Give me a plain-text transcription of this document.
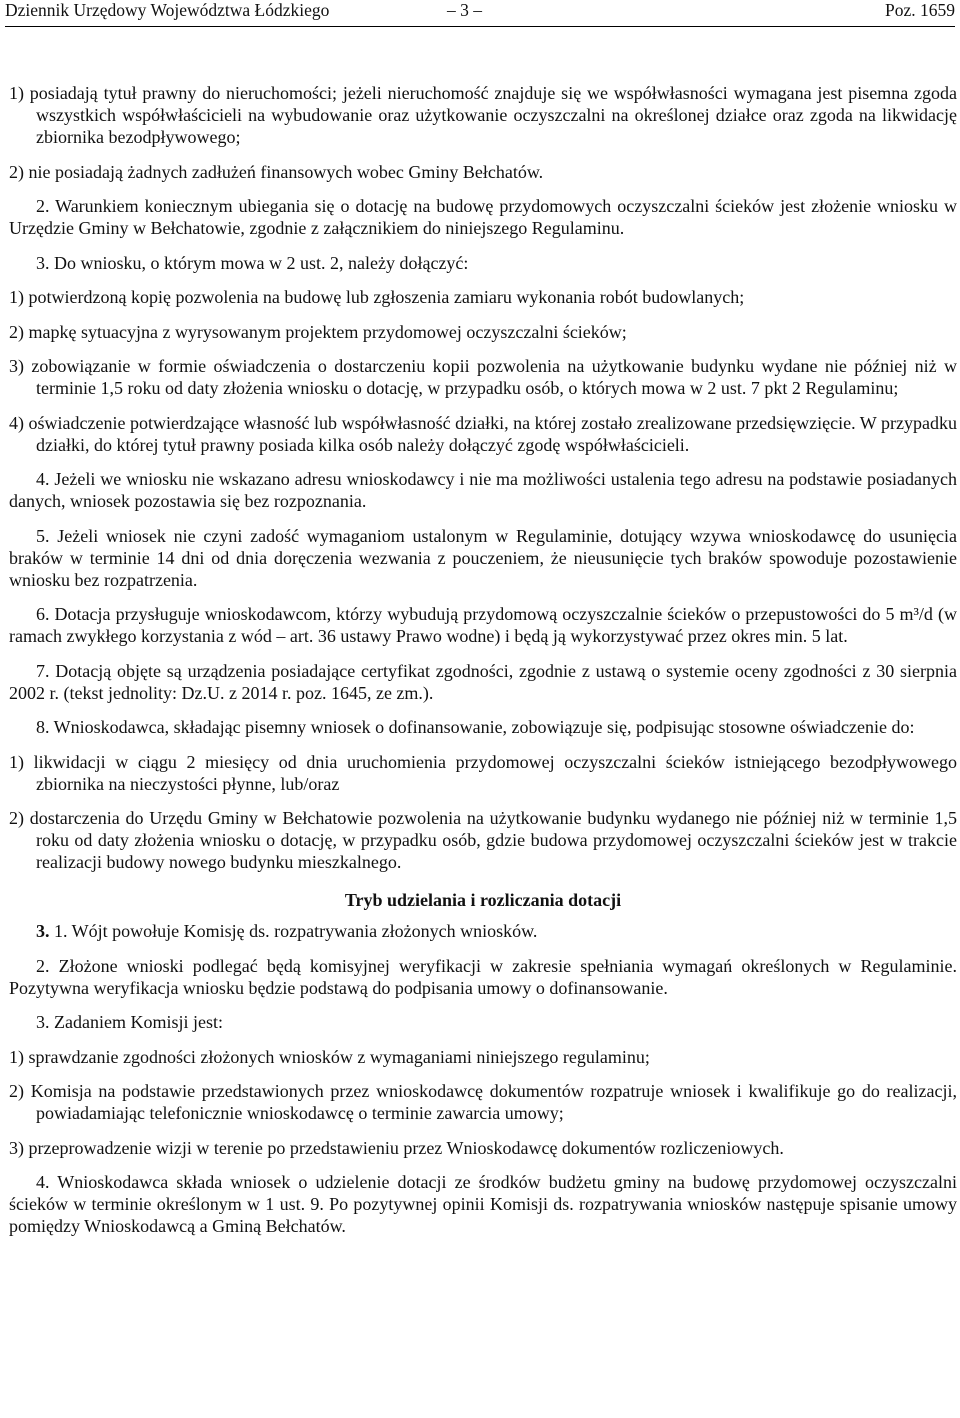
Dziennik Urzędowy Województwa Łódzkiego	– 3 –	Poz. 1659

1) posiadają tytuł prawny do nieruchomości; jeżeli nieruchomość znajduje się we współwłasności wymagana jest pisemna zgoda wszystkich współwłaścicieli na wybudowanie oraz użytkowanie oczyszczalni na określonej działce oraz zgoda na likwidację zbiornika bezodpływowego;

2) nie posiadają żadnych zadłużeń finansowych wobec Gminy Bełchatów.

2. Warunkiem koniecznym ubiegania się o dotację na budowę przydomowych oczyszczalni ścieków jest złożenie wniosku w Urzędzie Gminy w Bełchatowie, zgodnie z załącznikiem do niniejszego Regulaminu.

3. Do wniosku, o którym mowa w 2 ust. 2, należy dołączyć:

1) potwierdzoną kopię pozwolenia na budowę lub zgłoszenia zamiaru wykonania robót budowlanych;

2) mapkę sytuacyjna z wyrysowanym projektem przydomowej oczyszczalni ścieków;

3) zobowiązanie w formie oświadczenia o dostarczeniu kopii pozwolenia na użytkowanie budynku wydane nie później niż w terminie 1,5 roku od daty złożenia wniosku o dotację, w przypadku osób, o których mowa w 2 ust. 7 pkt 2 Regulaminu;

4) oświadczenie potwierdzające własność lub współwłasność działki, na której zostało zrealizowane przedsięwzięcie. W przypadku działki, do której tytuł prawny posiada kilka osób należy dołączyć zgodę współwłaścicieli.

4. Jeżeli we wniosku nie wskazano adresu wnioskodawcy i nie ma możliwości ustalenia tego adresu na podstawie posiadanych danych, wniosek pozostawia się bez rozpoznania.

5. Jeżeli wniosek nie czyni zadość wymaganiom ustalonym w Regulaminie, dotujący wzywa wnioskodawcę do usunięcia braków w terminie 14 dni od dnia doręczenia wezwania z pouczeniem, że nieusunięcie tych braków spowoduje pozostawienie wniosku bez rozpatrzenia.

6. Dotacja przysługuje wnioskodawcom, którzy wybudują przydomową oczyszczalnie ścieków o przepustowości do 5 m³/d (w ramach zwykłego korzystania z wód – art. 36 ustawy Prawo wodne) i będą ją wykorzystywać przez okres min. 5 lat.

7. Dotacją objęte są urządzenia posiadające certyfikat zgodności, zgodnie z ustawą o systemie oceny zgodności z 30 sierpnia 2002 r. (tekst jednolity: Dz.U. z 2014 r. poz. 1645, ze zm.).

8. Wnioskodawca, składając pisemny wniosek o dofinansowanie, zobowiązuje się, podpisując stosowne oświadczenie do:

1) likwidacji w ciągu 2 miesięcy od dnia uruchomienia przydomowej oczyszczalni ścieków istniejącego bezodpływowego zbiornika na nieczystości płynne, lub/oraz

2) dostarczenia do Urzędu Gminy w Bełchatowie pozwolenia na użytkowanie budynku wydanego nie później niż w terminie 1,5 roku od daty złożenia wniosku o dotację, w przypadku osób, gdzie budowa przydomowej oczyszczalni ścieków jest w trakcie realizacji budowy nowego budynku mieszkalnego.

Tryb udzielania i rozliczania dotacji

3. 1. Wójt powołuje Komisję ds. rozpatrywania złożonych wniosków.

2. Złożone wnioski podlegać będą komisyjnej weryfikacji w zakresie spełniania wymagań określonych w Regulaminie. Pozytywna weryfikacja wniosku będzie podstawą do podpisania umowy o dofinansowanie.

3. Zadaniem Komisji jest:

1) sprawdzanie zgodności złożonych wniosków z wymaganiami niniejszego regulaminu;

2) Komisja na podstawie przedstawionych przez wnioskodawcę dokumentów rozpatruje wniosek i kwalifikuje go do realizacji, powiadamiając telefonicznie wnioskodawcę o terminie zawarcia umowy;

3) przeprowadzenie wizji w terenie po przedstawieniu przez Wnioskodawcę dokumentów rozliczeniowych.

4. Wnioskodawca składa wniosek o udzielenie dotacji ze środków budżetu gminy na budowę przydomowej oczyszczalni ścieków w terminie określonym w 1 ust. 9. Po pozytywnej opinii Komisji ds. rozpatrywania wniosków następuje spisanie umowy pomiędzy Wnioskodawcą a Gminą Bełchatów.
